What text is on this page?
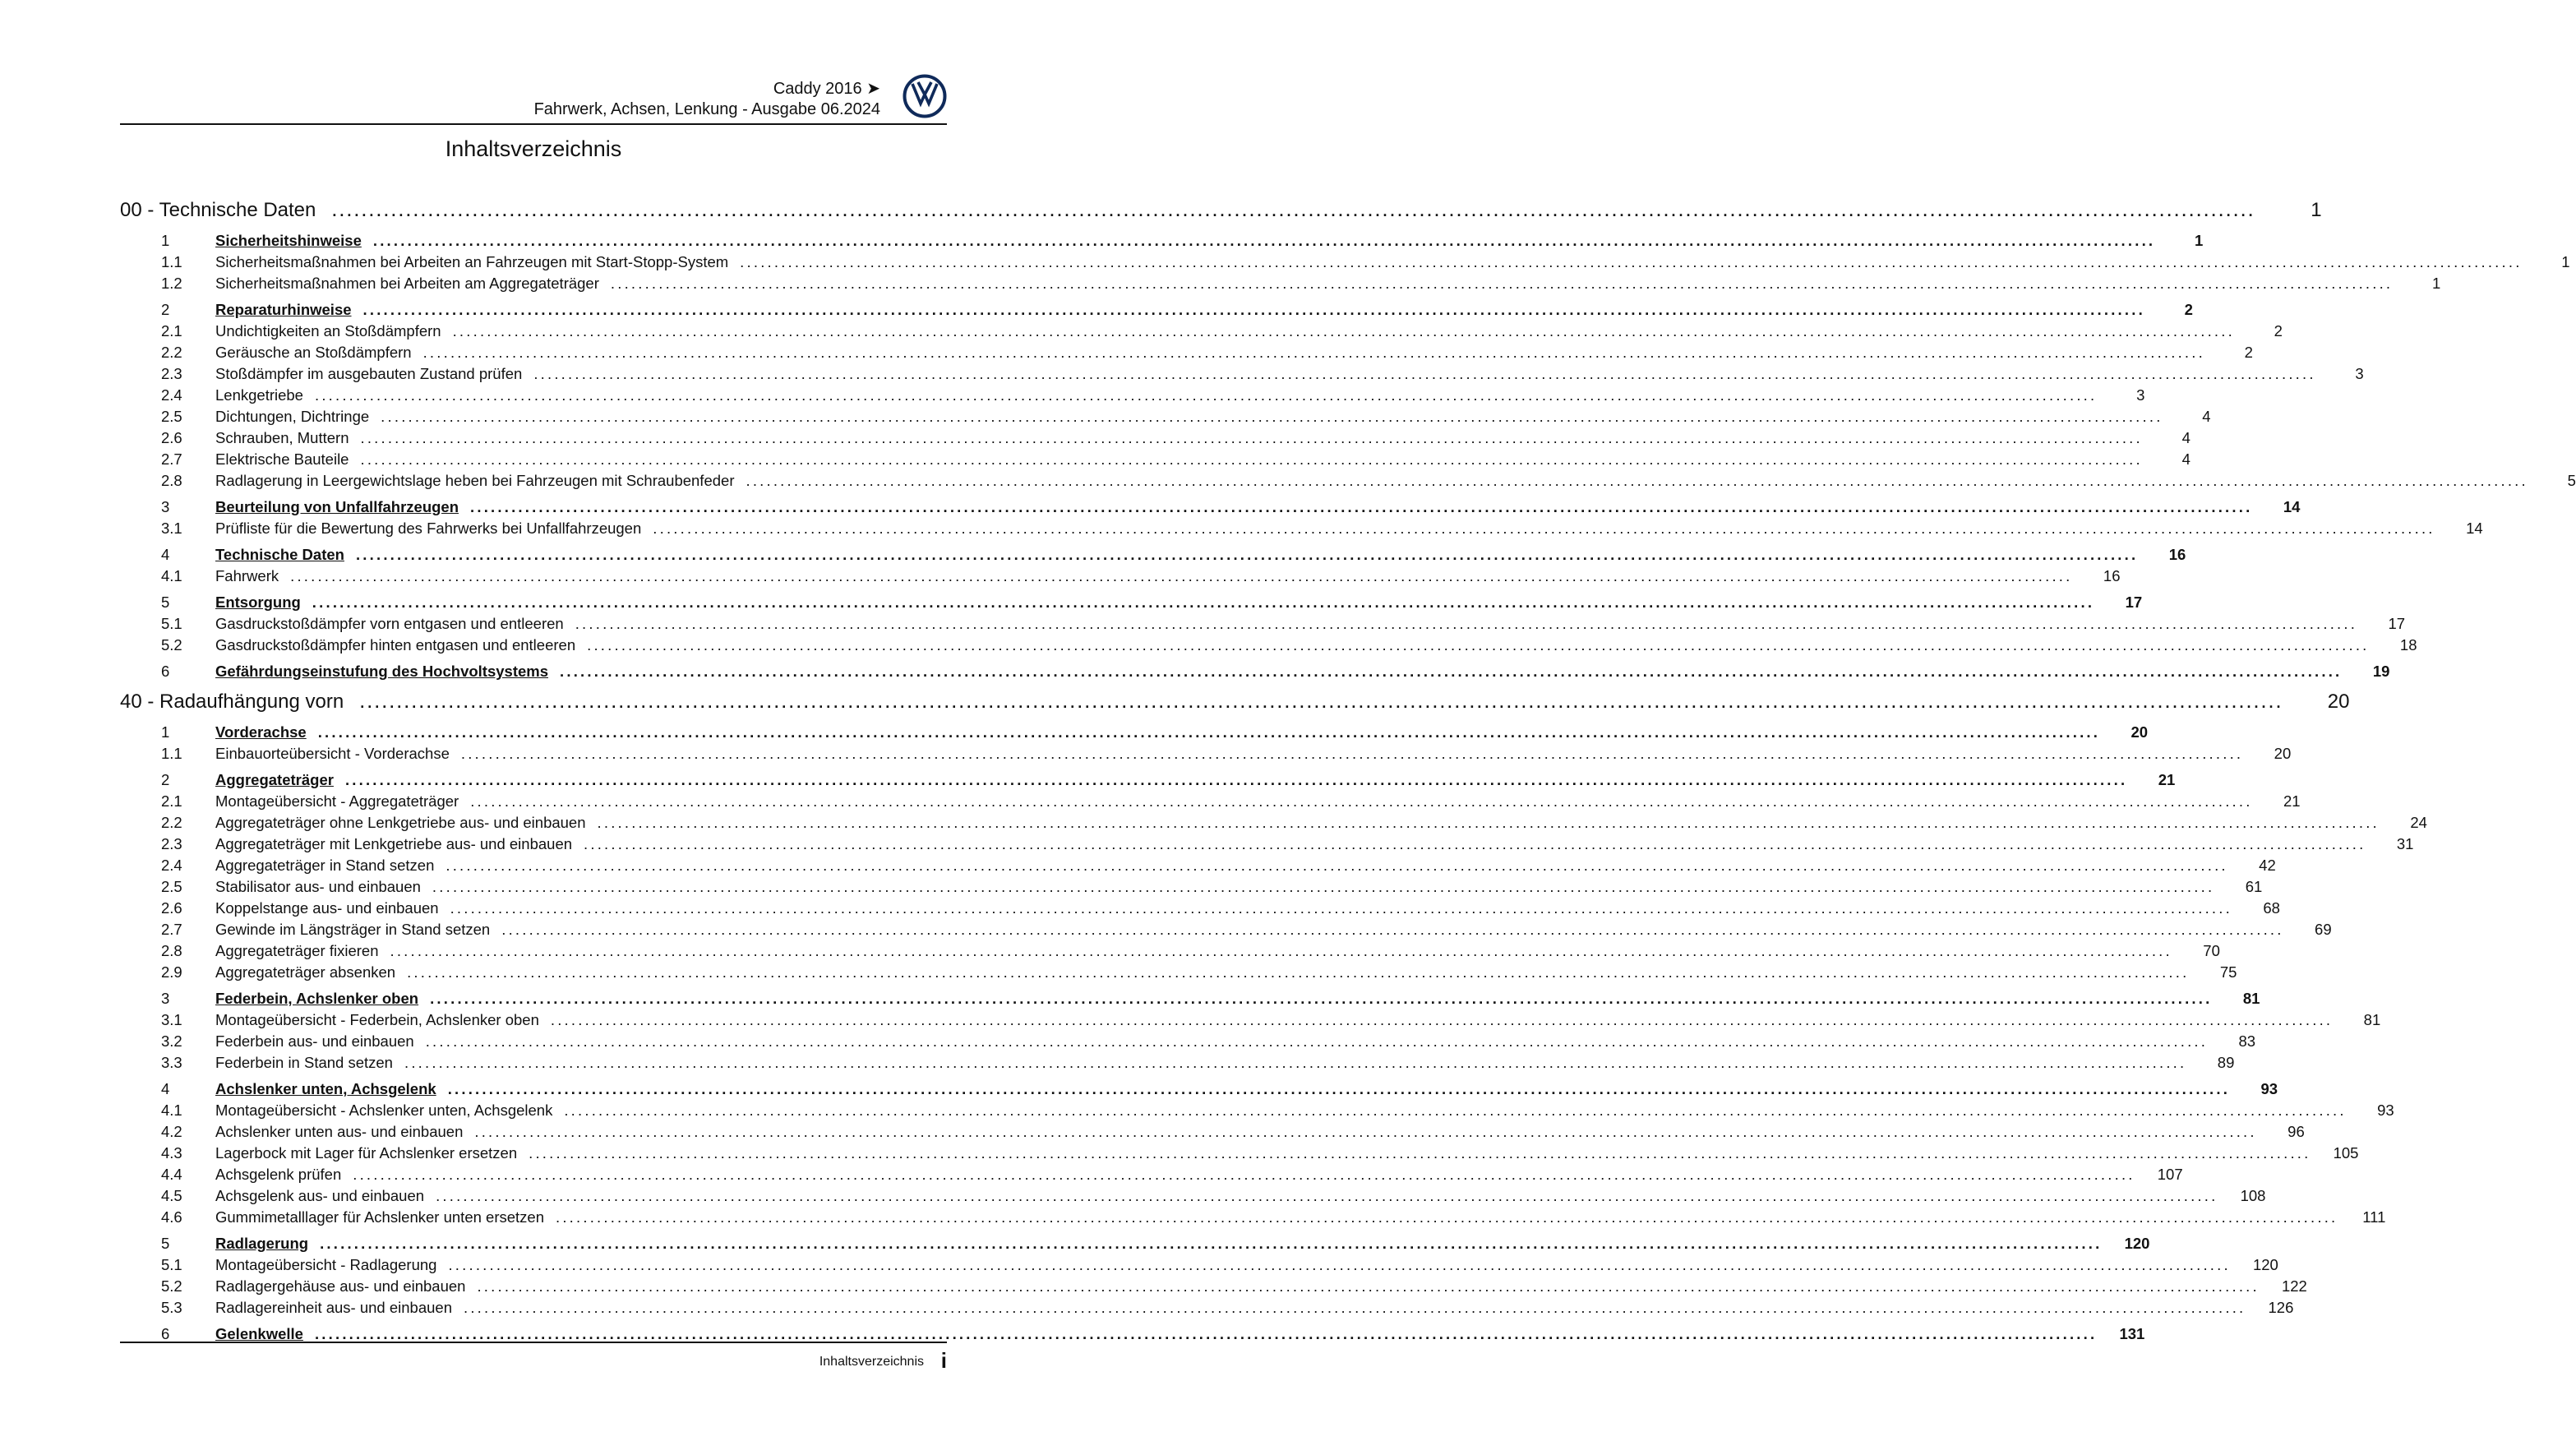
Caddy 2016 ➤
Fahrwerk, Achsen, Lenkung - Ausgabe 06.2024
Inhaltsverzeichnis
00 - Technische Daten	....................................................................................................................................................................................................................................................................	1
1	Sicherheitshinweise ....................................................................................................................................................................................................................................................................	1
1.1	Sicherheitsmaßnahmen bei Arbeiten an Fahrzeugen mit Start-Stopp-System ....................................................................................................................................................................................................................................................................	1
1.2	Sicherheitsmaßnahmen bei Arbeiten am Aggregateträger ....................................................................................................................................................................................................................................................................	1
2	Reparaturhinweise ....................................................................................................................................................................................................................................................................	2
2.1	Undichtigkeiten an Stoßdämpfern ....................................................................................................................................................................................................................................................................	2
2.2	Geräusche an Stoßdämpfern ....................................................................................................................................................................................................................................................................	2
2.3	Stoßdämpfer im ausgebauten Zustand prüfen ....................................................................................................................................................................................................................................................................	3
2.4	Lenkgetriebe ....................................................................................................................................................................................................................................................................	3
2.5	Dichtungen, Dichtringe ....................................................................................................................................................................................................................................................................	4
2.6	Schrauben, Muttern ....................................................................................................................................................................................................................................................................	4
2.7	Elektrische Bauteile ....................................................................................................................................................................................................................................................................	4
2.8	Radlagerung in Leergewichtslage heben bei Fahrzeugen mit Schraubenfeder ....................................................................................................................................................................................................................................................................	5
3	Beurteilung von Unfallfahrzeugen ....................................................................................................................................................................................................................................................................	14
3.1	Prüfliste für die Bewertung des Fahrwerks bei Unfallfahrzeugen ....................................................................................................................................................................................................................................................................	14
4	Technische Daten ....................................................................................................................................................................................................................................................................	16
4.1	Fahrwerk ....................................................................................................................................................................................................................................................................	16
5	Entsorgung ....................................................................................................................................................................................................................................................................	17
5.1	Gasdruckstoßdämpfer vorn entgasen und entleeren ....................................................................................................................................................................................................................................................................	17
5.2	Gasdruckstoßdämpfer hinten entgasen und entleeren ....................................................................................................................................................................................................................................................................	18
6	Gefährdungseinstufung des Hochvoltsystems ....................................................................................................................................................................................................................................................................	19
40 - Radaufhängung vorn	....................................................................................................................................................................................................................................................................	20
1	Vorderachse ....................................................................................................................................................................................................................................................................	20
1.1	Einbauorteübersicht - Vorderachse ....................................................................................................................................................................................................................................................................	20
2	Aggregateträger ....................................................................................................................................................................................................................................................................	21
2.1	Montageübersicht - Aggregateträger ....................................................................................................................................................................................................................................................................	21
2.2	Aggregateträger ohne Lenkgetriebe aus- und einbauen ....................................................................................................................................................................................................................................................................	24
2.3	Aggregateträger mit Lenkgetriebe aus- und einbauen ....................................................................................................................................................................................................................................................................	31
2.4	Aggregateträger in Stand setzen ....................................................................................................................................................................................................................................................................	42
2.5	Stabilisator aus- und einbauen ....................................................................................................................................................................................................................................................................	61
2.6	Koppelstange aus- und einbauen ....................................................................................................................................................................................................................................................................	68
2.7	Gewinde im Längsträger in Stand setzen ....................................................................................................................................................................................................................................................................	69
2.8	Aggregateträger fixieren ....................................................................................................................................................................................................................................................................	70
2.9	Aggregateträger absenken ....................................................................................................................................................................................................................................................................	75
3	Federbein, Achslenker oben ....................................................................................................................................................................................................................................................................	81
3.1	Montageübersicht - Federbein, Achslenker oben ....................................................................................................................................................................................................................................................................	81
3.2	Federbein aus- und einbauen ....................................................................................................................................................................................................................................................................	83
3.3	Federbein in Stand setzen ....................................................................................................................................................................................................................................................................	89
4	Achslenker unten, Achsgelenk ....................................................................................................................................................................................................................................................................	93
4.1	Montageübersicht - Achslenker unten, Achsgelenk ....................................................................................................................................................................................................................................................................	93
4.2	Achslenker unten aus- und einbauen ....................................................................................................................................................................................................................................................................	96
4.3	Lagerbock mit Lager für Achslenker ersetzen ....................................................................................................................................................................................................................................................................	105
4.4	Achsgelenk prüfen ....................................................................................................................................................................................................................................................................	107
4.5	Achsgelenk aus- und einbauen ....................................................................................................................................................................................................................................................................	108
4.6	Gummimetalllager für Achslenker unten ersetzen ....................................................................................................................................................................................................................................................................	111
5	Radlagerung ....................................................................................................................................................................................................................................................................	120
5.1	Montageübersicht - Radlagerung ....................................................................................................................................................................................................................................................................	120
5.2	Radlagergehäuse aus- und einbauen ....................................................................................................................................................................................................................................................................	122
5.3	Radlagereinheit aus- und einbauen ....................................................................................................................................................................................................................................................................	126
6	Gelenkwelle ....................................................................................................................................................................................................................................................................	131
Inhaltsverzeichnis i
